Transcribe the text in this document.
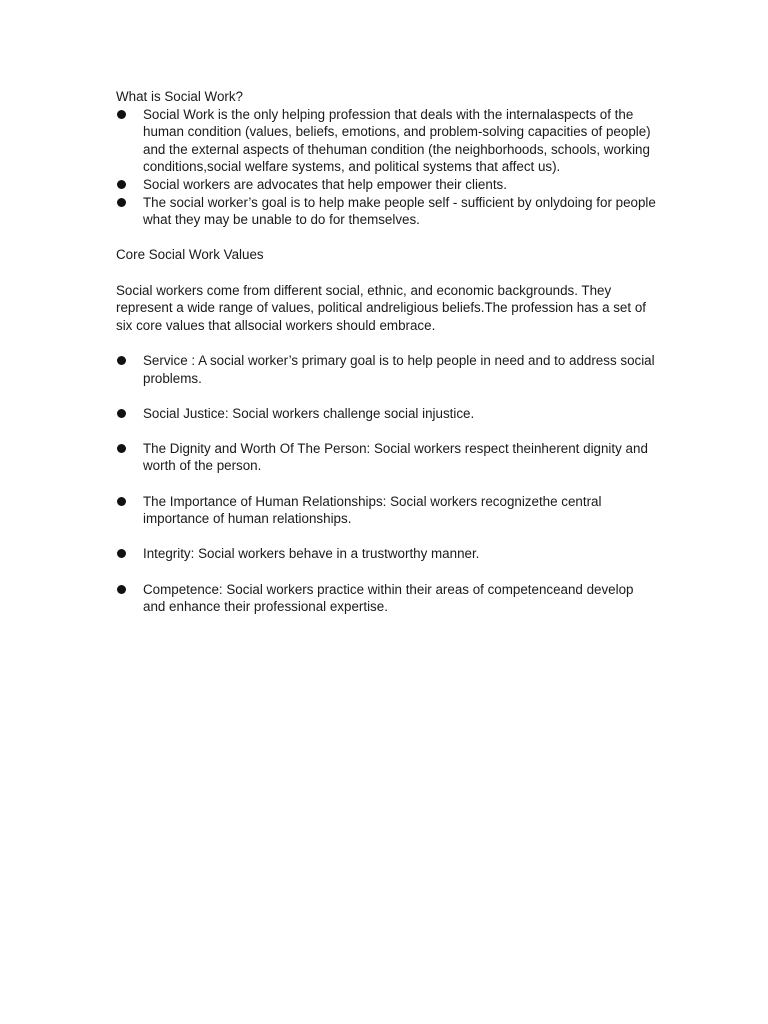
What is Social Work?

Social Work is the only helping profession that deals with the internalaspects of the human condition (values, beliefs, emotions, and problem-solving capacities of people) and the external aspects of thehuman condition (the neighborhoods, schools, working conditions,social welfare systems, and political systems that affect us).
Social workers are advocates that help empower their clients.
The social worker’s goal is to help make people self - sufficient by onlydoing for people what they may be unable to do for themselves.

Core Social Work Values

Social workers come from different social, ethnic, and economic backgrounds. They represent a wide range of values, political andreligious beliefs.The profession has a set of six core values that allsocial workers should embrace.

Service : A social worker’s primary goal is to help people in need and to address social problems.
Social Justice: Social workers challenge social injustice.
The Dignity and Worth Of The Person: Social workers respect theinherent dignity and worth of the person.
The Importance of Human Relationships: Social workers recognizethe central importance of human relationships.
Integrity: Social workers behave in a trustworthy manner.
Competence: Social workers practice within their areas of competenceand develop and enhance their professional expertise.
